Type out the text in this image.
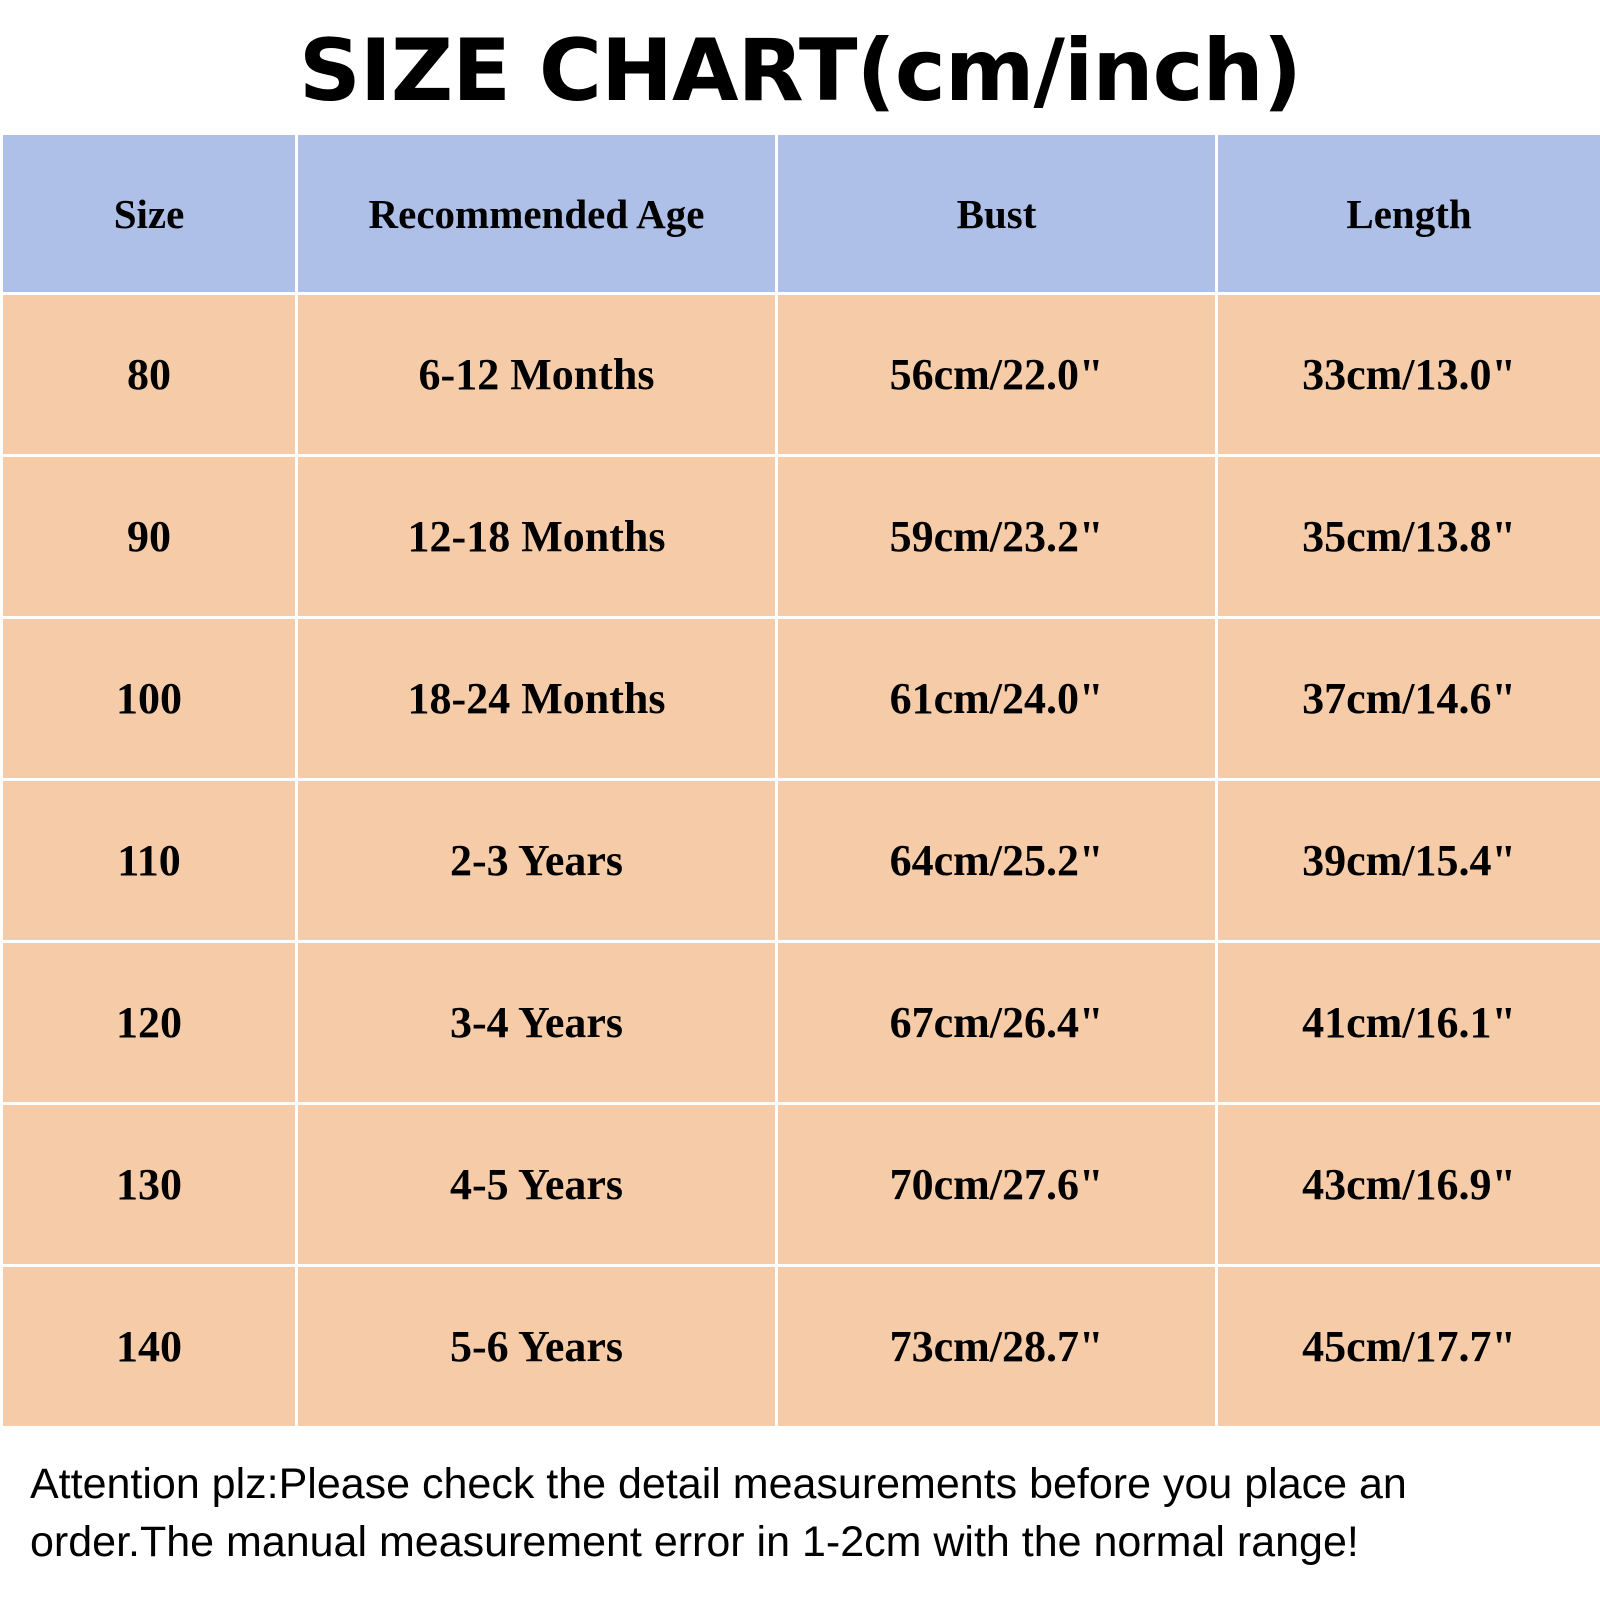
SIZE CHART(cm/inch)
Size	Recommended Age	Bust	Length
80	6-12 Months	56cm/22.0"	33cm/13.0"
90	12-18 Months	59cm/23.2"	35cm/13.8"
100	18-24 Months	61cm/24.0"	37cm/14.6"
110	2-3 Years	64cm/25.2"	39cm/15.4"
120	3-4 Years	67cm/26.4"	41cm/16.1"
130	4-5 Years	70cm/27.6"	43cm/16.9"
140	5-6 Years	73cm/28.7"	45cm/17.7"
Attention plz:Please check the detail measurements before you place an order.The manual measurement error in 1-2cm with the normal range!
